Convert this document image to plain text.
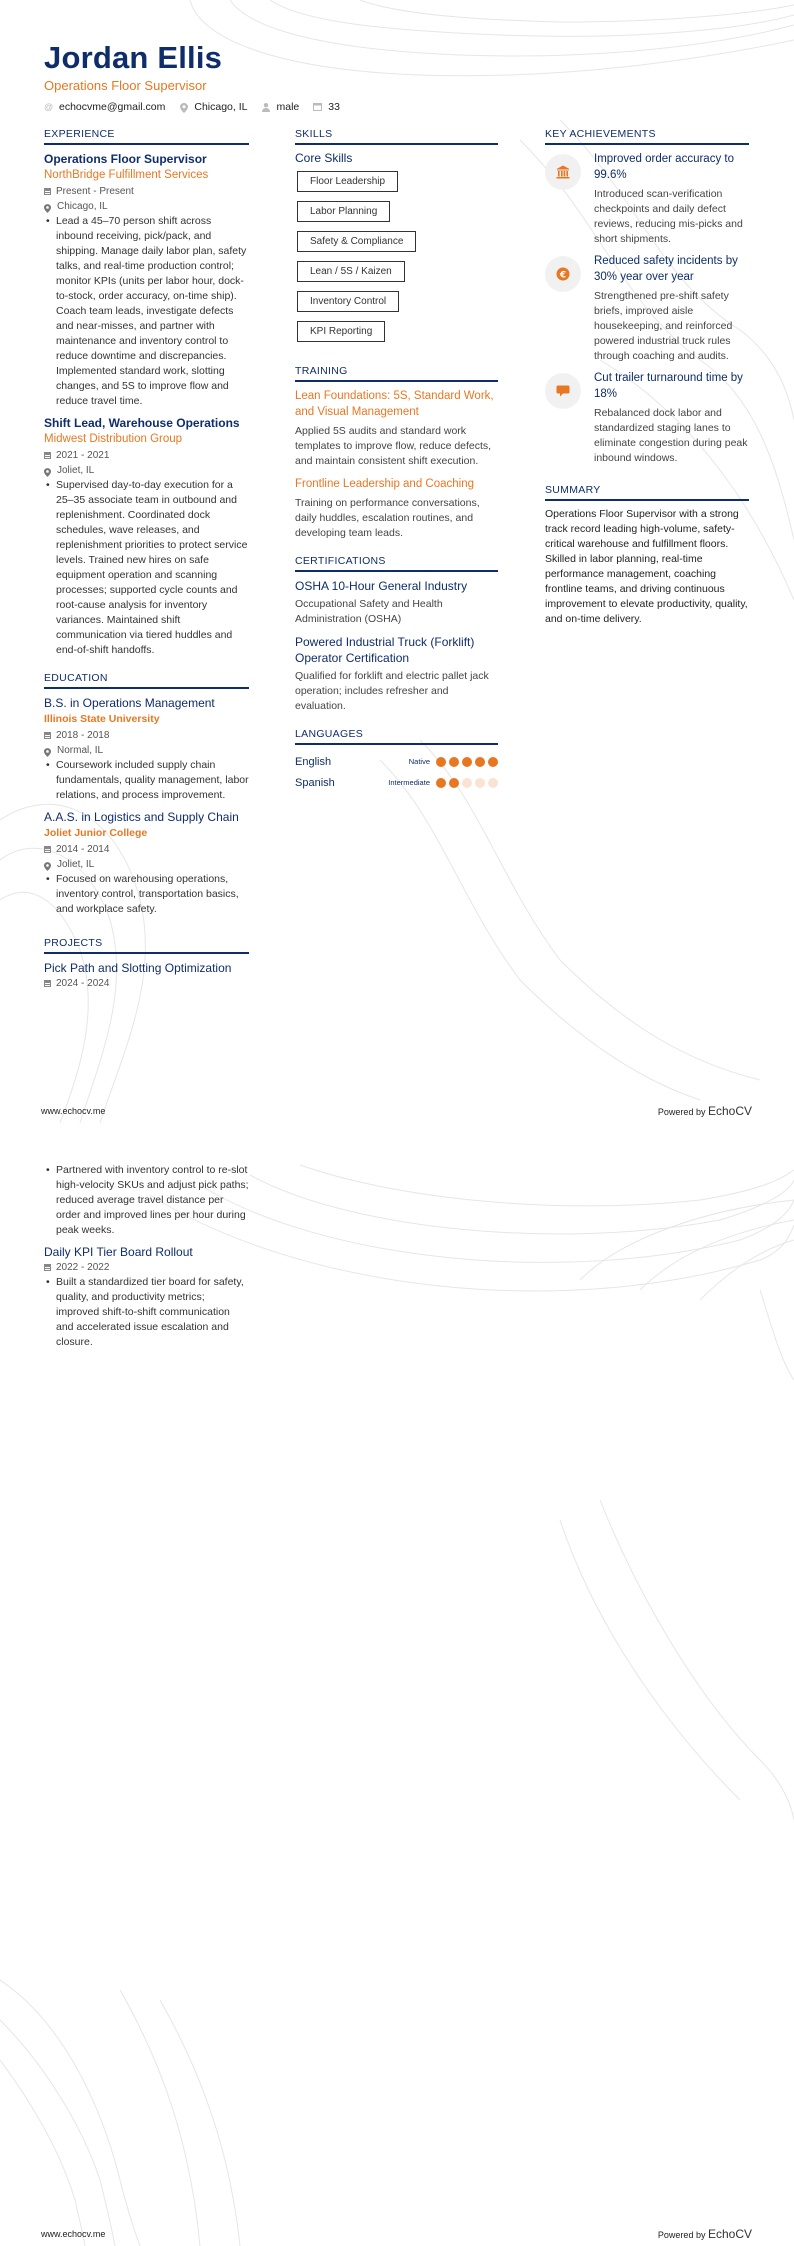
Jordan Ellis
Operations Floor Supervisor
@ echocvme@gmail.com	Chicago, IL	male	33
EXPERIENCE
Operations Floor Supervisor
NorthBridge Fulfillment Services
Present - Present
Chicago, IL
• Lead a 45–70 person shift across inbound receiving, pick/pack, and shipping. Manage daily labor plan, safety talks, and real-time production control; monitor KPIs (units per labor hour, dock-to-stock, order accuracy, on-time ship). Coach team leads, investigate defects and near-misses, and partner with maintenance and inventory control to reduce downtime and discrepancies. Implemented standard work, slotting changes, and 5S to improve flow and reduce travel time.
Shift Lead, Warehouse Operations
Midwest Distribution Group
2021 - 2021
Joliet, IL
• Supervised day-to-day execution for a 25–35 associate team in outbound and replenishment. Coordinated dock schedules, wave releases, and replenishment priorities to protect service levels. Trained new hires on safe equipment operation and scanning processes; supported cycle counts and root-cause analysis for inventory variances. Maintained shift communication via tiered huddles and end-of-shift handoffs.
EDUCATION
B.S. in Operations Management
Illinois State University
2018 - 2018
Normal, IL
• Coursework included supply chain fundamentals, quality management, labor relations, and process improvement.
A.A.S. in Logistics and Supply Chain
Joliet Junior College
2014 - 2014
Joliet, IL
• Focused on warehousing operations, inventory control, transportation basics, and workplace safety.
PROJECTS
Pick Path and Slotting Optimization
2024 - 2024
SKILLS
Core Skills
Floor Leadership
Labor Planning
Safety & Compliance
Lean / 5S / Kaizen
Inventory Control
KPI Reporting
TRAINING
Lean Foundations: 5S, Standard Work, and Visual Management
Applied 5S audits and standard work templates to improve flow, reduce defects, and maintain consistent shift execution.
Frontline Leadership and Coaching
Training on performance conversations, daily huddles, escalation routines, and developing team leads.
CERTIFICATIONS
OSHA 10-Hour General Industry
Occupational Safety and Health Administration (OSHA)
Powered Industrial Truck (Forklift) Operator Certification
Qualified for forklift and electric pallet jack operation; includes refresher and evaluation.
LANGUAGES
English	Native
Spanish	Intermediate
KEY ACHIEVEMENTS
Improved order accuracy to 99.6%
Introduced scan-verification checkpoints and daily defect reviews, reducing mis-picks and short shipments.
€
Reduced safety incidents by 30% year over year
Strengthened pre-shift safety briefs, improved aisle housekeeping, and reinforced powered industrial truck rules through coaching and audits.
Cut trailer turnaround time by 18%
Rebalanced dock labor and standardized staging lanes to eliminate congestion during peak inbound windows.
SUMMARY
Operations Floor Supervisor with a strong track record leading high-volume, safety-critical warehouse and fulfillment floors. Skilled in labor planning, real-time performance management, coaching frontline teams, and driving continuous improvement to elevate productivity, quality, and on-time delivery.
www.echocv.me	Powered by EchoCV
• Partnered with inventory control to re-slot high-velocity SKUs and adjust pick paths; reduced average travel distance per order and improved lines per hour during peak weeks.
Daily KPI Tier Board Rollout
2022 - 2022
• Built a standardized tier board for safety, quality, and productivity metrics; improved shift-to-shift communication and accelerated issue escalation and closure.
www.echocv.me	Powered by EchoCV
